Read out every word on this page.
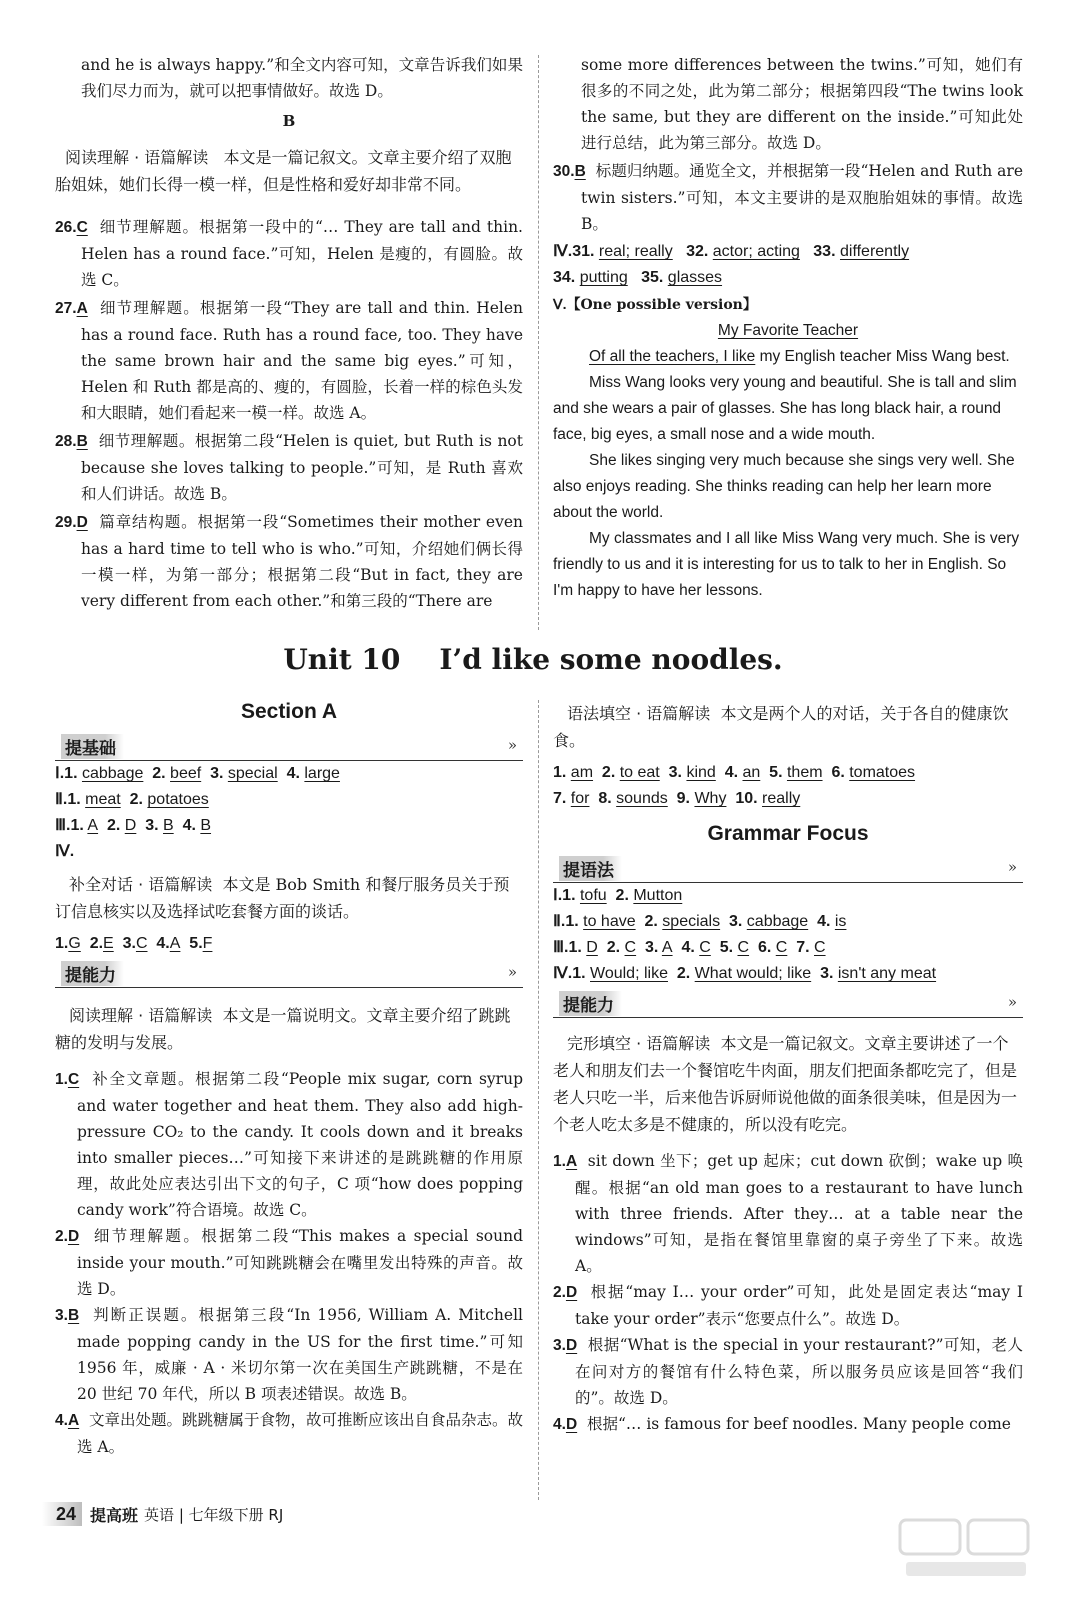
and he is always happy.”和全文内容可知，文章告诉我们如果我们尽力而为，就可以把事情做好。故选 D。

B

阅读理解 · 语篇解读 本文是一篇记叙文。文章主要介绍了双胞胎姐妹，她们长得一模一样，但是性格和爱好却非常不同。

26.C 细节理解题。根据第一段中的“… They are tall and thin. Helen has a round face.”可知，Helen 是瘦的，有圆脸。故选 C。

27.A 细节理解题。根据第一段“They are tall and thin. Helen has a round face. Ruth has a round face, too. They have the same brown hair and the same big eyes.”可知，Helen 和 Ruth 都是高的、瘦的，有圆脸，长着一样的棕色头发和大眼睛，她们看起来一模一样。故选 A。

28.B 细节理解题。根据第二段“Helen is quiet, but Ruth is not because she loves talking to people.”可知，是 Ruth 喜欢和人们讲话。故选 B。

29.D 篇章结构题。根据第一段“Sometimes their mother even has a hard time to tell who is who.”可知，介绍她们俩长得一模一样，为第一部分；根据第二段“But in fact, they are very different from each other.”和第三段的“There are

some more differences between the twins.”可知，她们有很多的不同之处，此为第二部分；根据第四段“The twins look the same, but they are different on the inside.”可知此处进行总结，此为第三部分。故选 D。

30.B 标题归纳题。通览全文，并根据第一段“Helen and Ruth are twin sisters.”可知，本文主要讲的是双胞胎姐妹的事情。故选 B。

Ⅳ.31. real; really 32. actor; acting 33. differently

34. putting 35. glasses

Ⅴ.【One possible version】

My Favorite Teacher

Of all the teachers, I like my English teacher Miss Wang best.

Miss Wang looks very young and beautiful. She is tall and slim and she wears a pair of glasses. She has long black hair, a round face, big eyes, a small nose and a wide mouth.

She likes singing very much because she sings very well. She also enjoys reading. She thinks reading can help her learn more about the world.

My classmates and I all like Miss Wang very much. She is very friendly to us and it is interesting for us to talk to her in English. So I'm happy to have her lessons.

Unit 10    I’d like some noodles.
Section A
提基础	»

Ⅰ.1. cabbage 2. beef 3. special 4. large

Ⅱ.1. meat 2. potatoes

Ⅲ.1. A 2. D 3. B 4. B

Ⅳ.

补全对话 · 语篇解读 本文是 Bob Smith 和餐厅服务员关于预订信息核实以及选择试吃套餐方面的谈话。

1.G 2.E 3.C 4.A 5.F

提能力	»

阅读理解 · 语篇解读 本文是一篇说明文。文章主要介绍了跳跳糖的发明与发展。

1.C 补全文章题。根据第二段“People mix sugar, corn syrup and water together and heat them. They also add high-pressure CO₂ to the candy. It cools down and it breaks into smaller pieces…”可知接下来讲述的是跳跳糖的作用原理，故此处应表达引出下文的句子，C 项“how does popping candy work”符合语境。故选 C。

2.D 细节理解题。根据第二段“This makes a special sound inside your mouth.”可知跳跳糖会在嘴里发出特殊的声音。故选 D。

3.B 判断正误题。根据第三段“In 1956, William A. Mitchell made popping candy in the US for the first time.”可知 1956 年，威廉 · A · 米切尔第一次在美国生产跳跳糖，不是在 20 世纪 70 年代，所以 B 项表述错误。故选 B。

4.A 文章出处题。跳跳糖属于食物，故可推断应该出自食品杂志。故选 A。

语法填空 · 语篇解读 本文是两个人的对话，关于各自的健康饮食。

1. am 2. to eat 3. kind 4. an 5. them 6. tomatoes

7. for 8. sounds 9. Why 10. really

Grammar Focus
提语法	»

Ⅰ.1. tofu 2. Mutton

Ⅱ.1. to have 2. specials 3. cabbage 4. is

Ⅲ.1. D 2. C 3. A 4. C 5. C 6. C 7. C

Ⅳ.1. Would; like 2. What would; like 3. isn't any meat

提能力	»

完形填空 · 语篇解读 本文是一篇记叙文。文章主要讲述了一个老人和朋友们去一个餐馆吃牛肉面，朋友们把面条都吃完了，但是老人只吃一半，后来他告诉厨师说他做的面条很美味，但是因为一个老人吃太多是不健康的，所以没有吃完。

1.A sit down 坐下；get up 起床；cut down 砍倒；wake up 唤醒。根据“an old man goes to a restaurant to have lunch with three friends. After they… at a table near the windows”可知，是指在餐馆里靠窗的桌子旁坐了下来。故选 A。

2.D 根据“may I… your order”可知，此处是固定表达“may I take your order”表示“您要点什么”。故选 D。

3.D 根据“What is the special in your restaurant?”可知，老人在问对方的餐馆有什么特色菜，所以服务员应该是回答“我们的”。故选 D。

4.D 根据“… is famous for beef noodles. Many people come

24 提高班 英语 | 七年级下册 RJ
